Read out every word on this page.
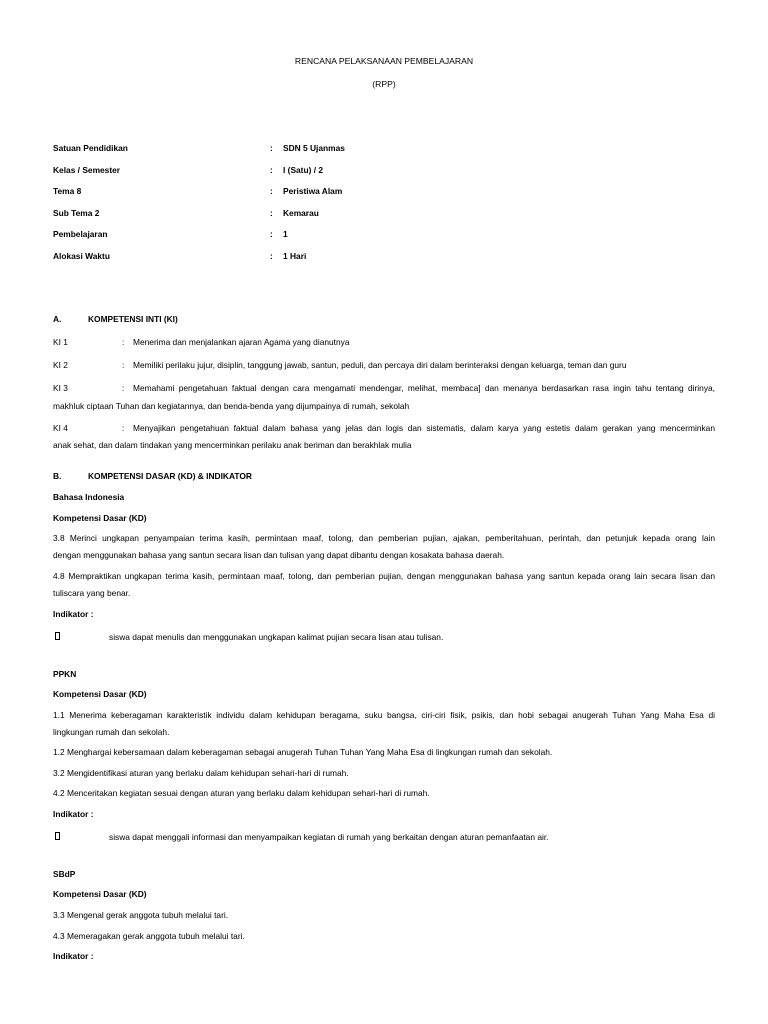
RENCANA PELAKSANAAN PEMBELAJARAN
(RPP)
Satuan Pendidikan	: SDN 5 Ujanmas
Kelas / Semester	: I (Satu) / 2
Tema 8	: Peristiwa Alam
Sub Tema 2	: Kemarau
Pembelajaran	: 1
Alokasi Waktu	: 1 Hari
A.	KOMPETENSI INTI (KI)
KI 1	: Menerima dan menjalankan ajaran Agama yang dianutnya
KI 2	: Memiliki perilaku jujur, disiplin, tanggung jawab, santun, peduli, dan percaya diri dalam berinteraksi dengan keluarga, teman dan guru
KI 3	: Memahami pengetahuan faktual dengan cara mengamati mendengar, melihat, membaca] dan menanya berdasarkan rasa ingin tahu tentang dirinya,
makhluk ciptaan Tuhan dan kegiatannya, dan benda-benda yang dijumpainya di rumah, sekolah
KI 4	: Menyajikan pengetahuan faktual dalam bahasa yang jelas dan logis dan sistematis, dalam karya yang estetis dalam gerakan yang mencerminkan
anak sehat, dan dalam tindakan yang mencerminkan perilaku anak beriman dan berakhlak mulia
B.	KOMPETENSI DASAR (KD) & INDIKATOR
Bahasa Indonesia
Kompetensi Dasar (KD)
3.8 Merinci ungkapan penyampaian terima kasih, permintaan maaf, tolong, dan pemberian pujian, ajakan, pemberitahuan, perintah, dan petunjuk kepada orang lain
dengan menggunakan bahasa yang santun secara lisan dan tulisan yang dapat dibantu dengan kosakata bahasa daerah.
4.8 Mempraktikan ungkapan terima kasih, permintaan maaf, tolong, dan pemberian pujian, dengan menggunakan bahasa yang santun kepada orang lain secara lisan dan
tuliscara yang benar.
Indikator :
siswa dapat menulis dan menggunakan ungkapan kalimat pujian secara lisan atau tulisan.
PPKN
Kompetensi Dasar (KD)
1.1 Menerima keberagaman karakteristik individu dalam kehidupan beragama, suku bangsa, ciri-ciri fisik, psikis, dan hobi sebagai anugerah Tuhan Yang Maha Esa di
lingkungan rumah dan sekolah.
1.2 Menghargai kebersamaan dalam keberagaman sebagai anugerah Tuhan Tuhan Yang Maha Esa di lingkungan rumah dan sekolah.
3.2 Mengidentifikasi aturan yang berlaku dalam kehidupan sehari-hari di rumah.
4.2 Menceritakan kegiatan sesuai dengan aturan yang berlaku dalam kehidupan sehari-hari di rumah.
Indikator :
siswa dapat menggali informasi dan menyampaikan kegiatan di rumah yang berkaitan dengan aturan pemanfaatan air.
SBdP
Kompetensi Dasar (KD)
3.3 Mengenal gerak anggota tubuh melalui tari.
4.3 Memeragakan gerak anggota tubuh melalui tari.
Indikator :
